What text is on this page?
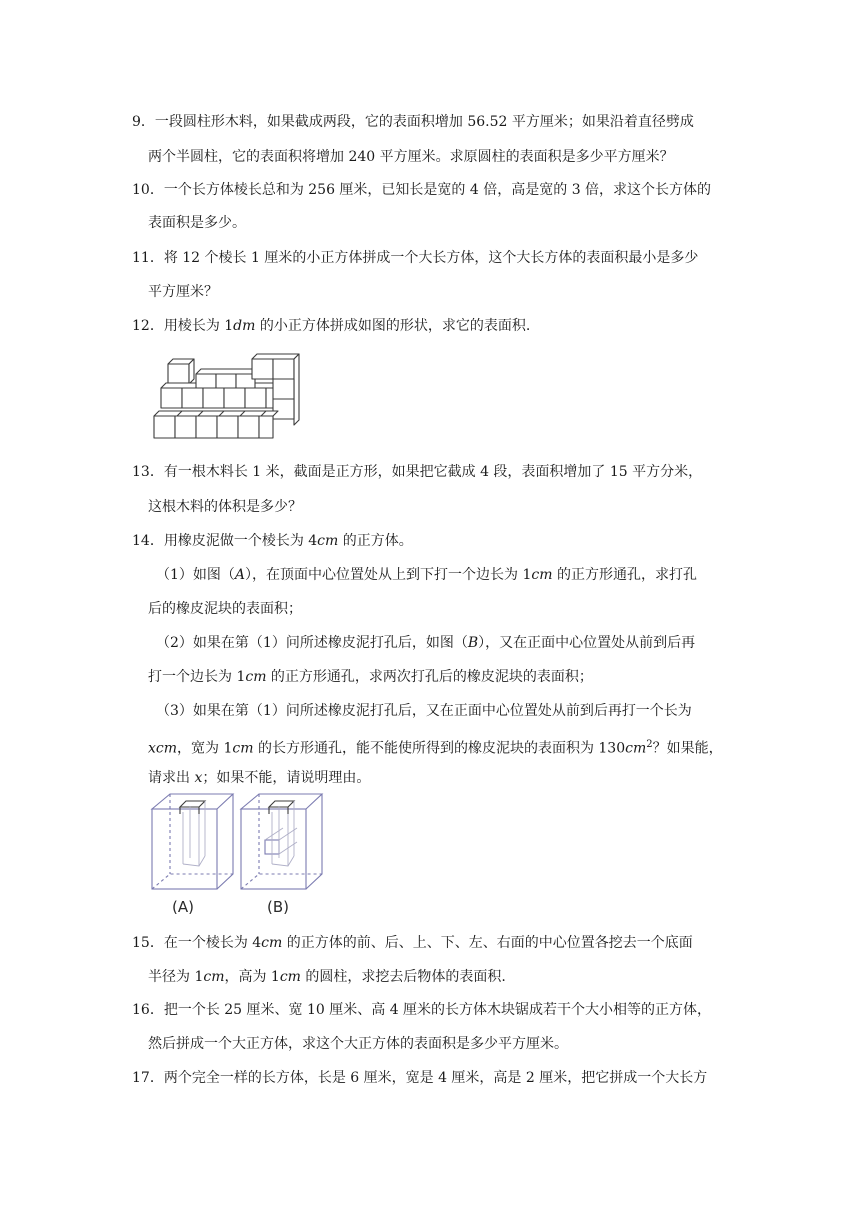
9．一段圆柱形木料，如果截成两段，它的表面积增加 56.52 平方厘米；如果沿着直径劈成
两个半圆柱，它的表面积将增加 240 平方厘米。求原圆柱的表面积是多少平方厘米？
10．一个长方体棱长总和为 256 厘米，已知长是宽的 4 倍，高是宽的 3 倍，求这个长方体的
表面积是多少。
11．将 12 个棱长 1 厘米的小正方体拼成一个大长方体，这个大长方体的表面积最小是多少
平方厘米？
12．用棱长为 1dm 的小正方体拼成如图的形状，求它的表面积.
13．有一根木料长 1 米，截面是正方形，如果把它截成 4 段，表面积增加了 15 平方分米，
这根木料的体积是多少？
14．用橡皮泥做一个棱长为 4cm 的正方体。
（1）如图（A），在顶面中心位置处从上到下打一个边长为 1cm 的正方形通孔，求打孔
后的橡皮泥块的表面积；
（2）如果在第（1）问所述橡皮泥打孔后，如图（B），又在正面中心位置处从前到后再
打一个边长为 1cm 的正方形通孔，求两次打孔后的橡皮泥块的表面积；
（3）如果在第（1）问所述橡皮泥打孔后，又在正面中心位置处从前到后再打一个长为
xcm，宽为 1cm 的长方形通孔，能不能使所得到的橡皮泥块的表面积为 $130cm^2$？如果能，
请求出 x；如果不能，请说明理由。
(A)	(B)
15．在一个棱长为 4cm 的正方体的前、后、上、下、左、右面的中心位置各挖去一个底面
半径为 1cm，高为 1cm 的圆柱，求挖去后物体的表面积.
16．把一个长 25 厘米、宽 10 厘米、高 4 厘米的长方体木块锯成若干个大小相等的正方体，
然后拼成一个大正方体，求这个大正方体的表面积是多少平方厘米。
17．两个完全一样的长方体，长是 6 厘米，宽是 4 厘米，高是 2 厘米，把它拼成一个大长方
